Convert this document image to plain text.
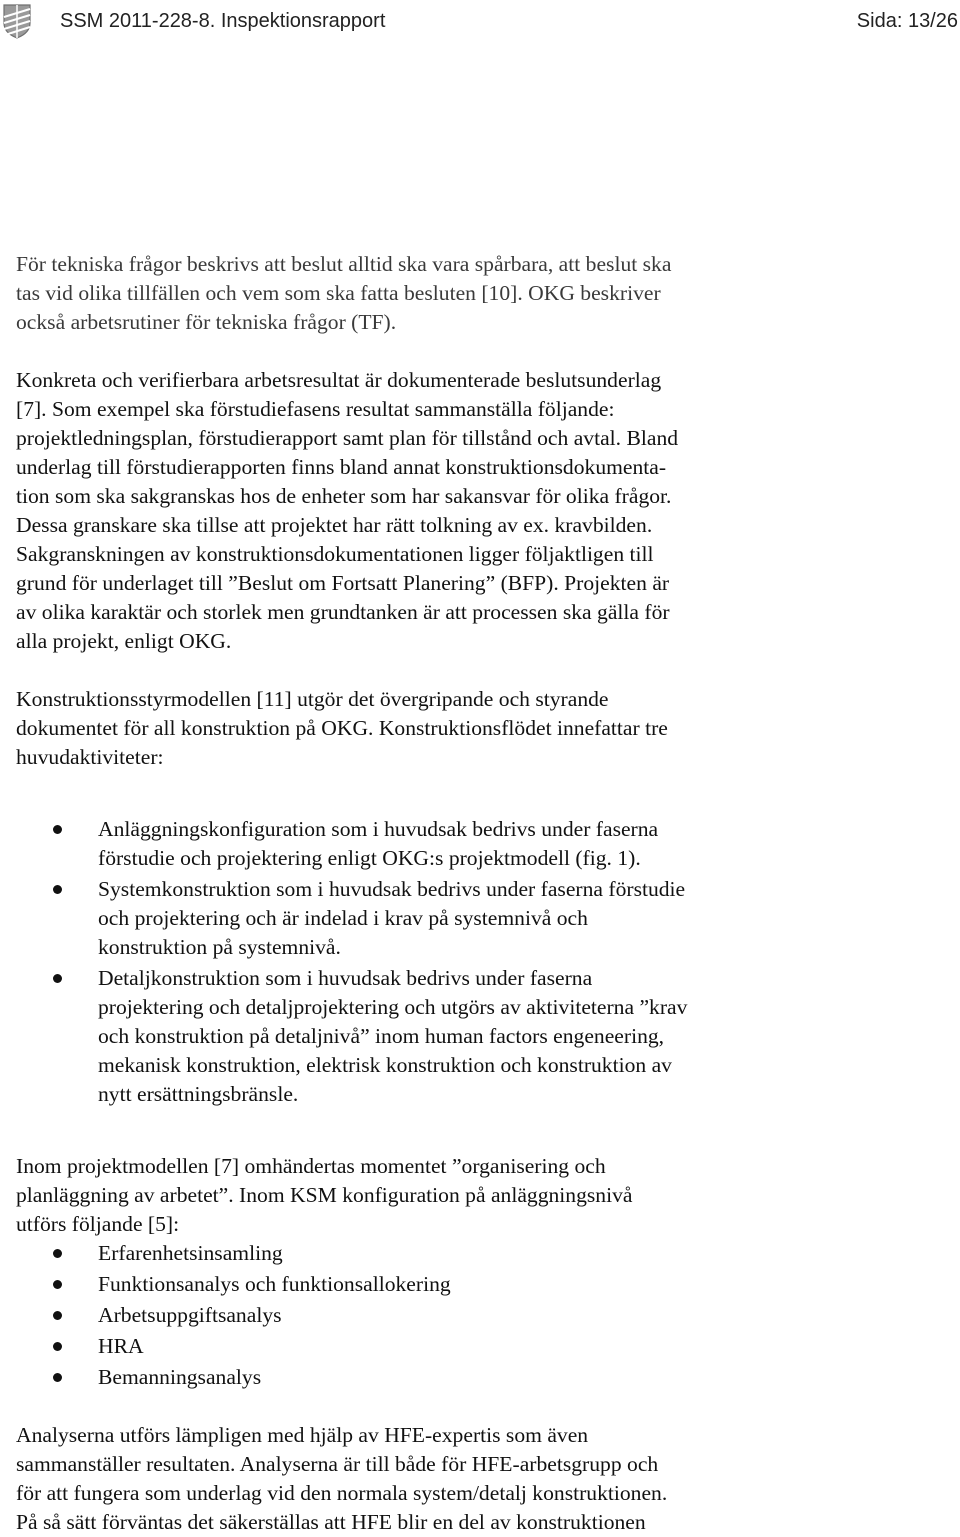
SSM 2011-228-8. Inspektionsrapport	Sida: 13/26

För tekniska frågor beskrivs att beslut alltid ska vara spårbara, att beslut ska
tas vid olika tillfällen och vem som ska fatta besluten [10]. OKG beskriver
också arbetsrutiner för tekniska frågor (TF).

Konkreta och verifierbara arbetsresultat är dokumenterade beslutsunderlag
[7]. Som exempel ska förstudiefasens resultat sammanställa följande:
projektledningsplan, förstudierapport samt plan för tillstånd och avtal. Bland
underlag till förstudierapporten finns bland annat konstruktionsdokumenta-
tion som ska sakgranskas hos de enheter som har sakansvar för olika frågor.
Dessa granskare ska tillse att projektet har rätt tolkning av ex. kravbilden.
Sakgranskningen av konstruktionsdokumentationen ligger följaktligen till
grund för underlaget till ”Beslut om Fortsatt Planering” (BFP). Projekten är
av olika karaktär och storlek men grundtanken är att processen ska gälla för
alla projekt, enligt OKG.

Konstruktionsstyrmodellen [11] utgör det övergripande och styrande
dokumentet för all konstruktion på OKG. Konstruktionsflödet innefattar tre
huvudaktiviteter:

Anläggningskonfiguration som i huvudsak bedrivs under faserna
förstudie och projektering enligt OKG:s projektmodell (fig. 1).
Systemkonstruktion som i huvudsak bedrivs under faserna förstudie
och projektering och är indelad i krav på systemnivå och
konstruktion på systemnivå.
Detaljkonstruktion som i huvudsak bedrivs under faserna
projektering och detaljprojektering och utgörs av aktiviteterna ”krav
och konstruktion på detaljnivå” inom human factors engeneering,
mekanisk konstruktion, elektrisk konstruktion och konstruktion av
nytt ersättningsbränsle.

Inom projektmodellen [7] omhändertas momentet ”organisering och
planläggning av arbetet”. Inom KSM konfiguration på anläggningsnivå
utförs följande [5]:

Erfarenhetsinsamling
Funktionsanalys och funktionsallokering
Arbetsuppgiftsanalys
HRA
Bemanningsanalys

Analyserna utförs lämpligen med hjälp av HFE-expertis som även
sammanställer resultaten. Analyserna är till både för HFE-arbetsgrupp och
för att fungera som underlag vid den normala system/detalj konstruktionen.
På så sätt förväntas det säkerställas att HFE blir en del av konstruktionen
